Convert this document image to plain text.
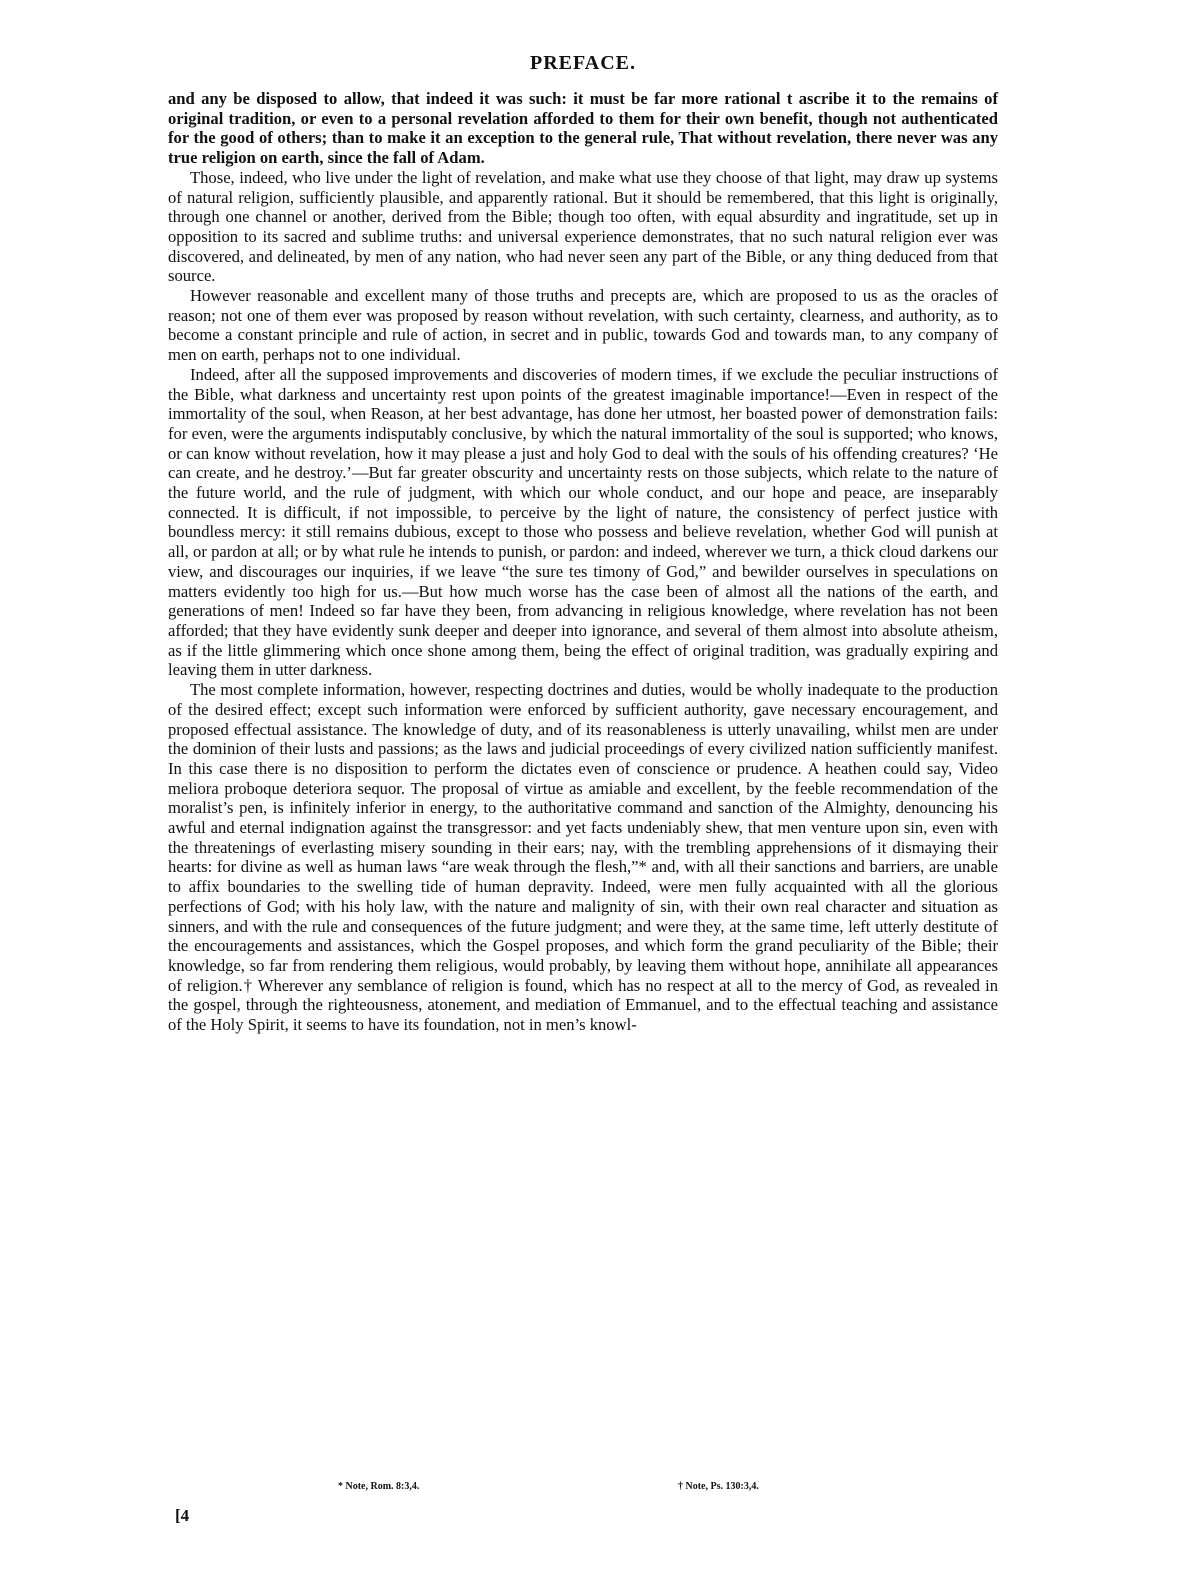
PREFACE.

and any be disposed to allow, that indeed it was such: it must be far more rational t ascribe it to the remains of original tradition, or even to a personal revelation afforded to them for their own benefit, though not authenticated for the good of others; than to make it an exception to the general rule, That without revelation, there never was any true religion on earth, since the fall of Adam.

Those, indeed, who live under the light of revelation, and make what use they choose of that light, may draw up systems of natural religion, sufficiently plausible, and apparently rational. But it should be remembered, that this light is originally, through one channel or another, derived from the Bible; though too often, with equal absurdity and ingratitude, set up in opposition to its sacred and sublime truths: and universal experience demonstrates, that no such natural religion ever was discovered, and delineated, by men of any nation, who had never seen any part of the Bible, or any thing deduced from that source.

However reasonable and excellent many of those truths and precepts are, which are proposed to us as the oracles of reason; not one of them ever was proposed by reason without revelation, with such certainty, clearness, and authority, as to become a constant principle and rule of action, in secret and in public, towards God and towards man, to any company of men on earth, perhaps not to one individual.

Indeed, after all the supposed improvements and discoveries of modern times, if we exclude the peculiar instructions of the Bible, what darkness and uncertainty rest upon points of the greatest imaginable importance!—Even in respect of the immortality of the soul, when Reason, at her best advantage, has done her utmost, her boasted power of demonstration fails: for even, were the arguments indisputably conclusive, by which the natural immortality of the soul is supported; who knows, or can know without revelation, how it may please a just and holy God to deal with the souls of his offending creatures? ‘He can create, and he destroy.’—But far greater obscurity and uncertainty rests on those subjects, which relate to the nature of the future world, and the rule of judgment, with which our whole conduct, and our hope and peace, are inseparably connected. It is difficult, if not impossible, to perceive by the light of nature, the consistency of perfect justice with boundless mercy: it still remains dubious, except to those who possess and believe revelation, whether God will punish at all, or pardon at all; or by what rule he intends to punish, or pardon: and indeed, wherever we turn, a thick cloud darkens our view, and discourages our inquiries, if we leave “the sure tes timony of God,” and bewilder ourselves in speculations on matters evidently too high for us.—But how much worse has the case been of almost all the nations of the earth, and generations of men! Indeed so far have they been, from advancing in religious knowledge, where revelation has not been afforded; that they have evidently sunk deeper and deeper into ignorance, and several of them almost into absolute atheism, as if the little glimmering which once shone among them, being the effect of original tradition, was gradually expiring and leaving them in utter darkness.

The most complete information, however, respecting doctrines and duties, would be wholly inadequate to the production of the desired effect; except such information were enforced by sufficient authority, gave necessary encouragement, and proposed effectual assistance. The knowledge of duty, and of its reasonableness is utterly unavailing, whilst men are under the dominion of their lusts and passions; as the laws and judicial proceedings of every civilized nation sufficiently manifest. In this case there is no disposition to perform the dictates even of conscience or prudence. A heathen could say, Video meliora proboque deteriora sequor. The proposal of virtue as amiable and excellent, by the feeble recommendation of the moralist’s pen, is infinitely inferior in energy, to the authoritative command and sanction of the Almighty, denouncing his awful and eternal indignation against the transgressor: and yet facts undeniably shew, that men venture upon sin, even with the threatenings of everlasting misery sounding in their ears; nay, with the trembling apprehensions of it dismaying their hearts: for divine as well as human laws “are weak through the flesh,”* and, with all their sanctions and barriers, are unable to affix boundaries to the swelling tide of human depravity. Indeed, were men fully acquainted with all the glorious perfections of God; with his holy law, with the nature and malignity of sin, with their own real character and situation as sinners, and with the rule and consequences of the future judgment; and were they, at the same time, left utterly destitute of the encouragements and assistances, which the Gospel proposes, and which form the grand peculiarity of the Bible; their knowledge, so far from rendering them religious, would probably, by leaving them without hope, annihilate all appearances of religion.† Wherever any semblance of religion is found, which has no respect at all to the mercy of God, as revealed in the gospel, through the righteousness, atonement, and mediation of Emmanuel, and to the effectual teaching and assistance of the Holy Spirit, it seems to have its foundation, not in men’s knowl-

* Note, Rom. 8:3,4.	† Note, Ps. 130:3,4.
[4
